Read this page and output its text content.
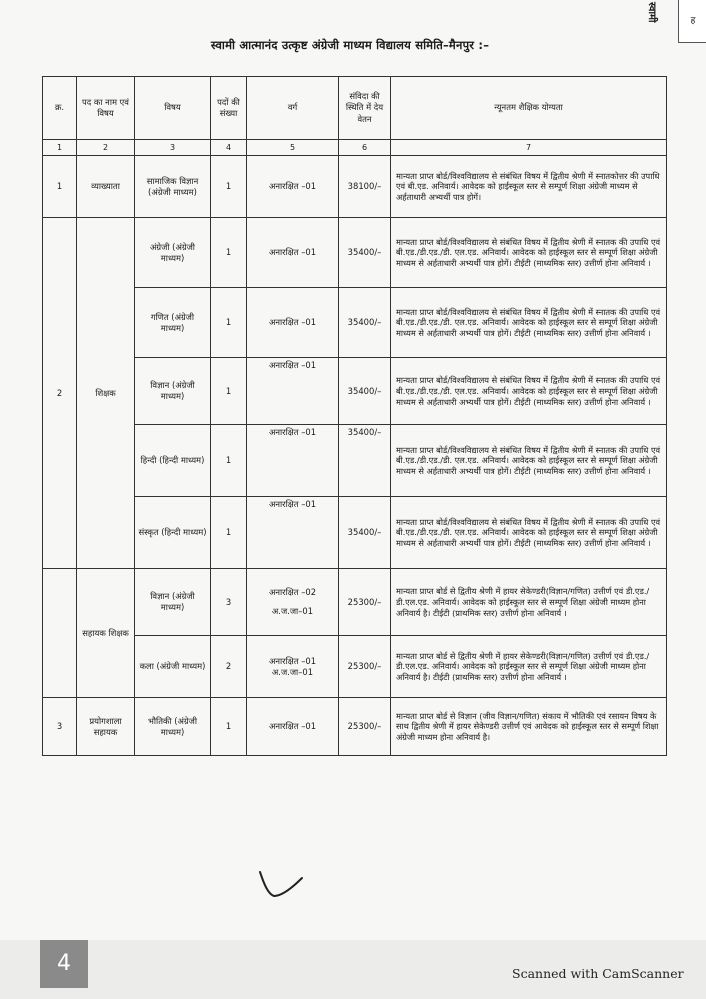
स्वामी	ह
स्वामी आत्मानंद उत्कृष्ट अंग्रेजी माध्यम विद्यालय समिति–मैनपुर :–
क्र.	पद का नाम एवं विषय	विषय	पदों की संख्या	वर्ग	संविदा की स्थिति में देय वेतन	न्यूनतम शैक्षिक योग्यता
1	2	3	4	5	6	7
1	व्याख्याता	सामाजिक विज्ञान (अंग्रेजी माध्यम)	1	अनारक्षित –01	38100/–	मान्यता प्राप्त बोर्ड/विश्वविद्यालय से संबंधित विषय में द्वितीय श्रेणी में स्नातकोत्तर की उपाधि एवं बी.एड. अनिवार्य। आवेदक को हाईस्कूल स्तर से सम्पूर्ण शिक्षा अंग्रेजी माध्यम से अर्हताधारी अभ्यर्थी पात्र होगें।
2	शिक्षक	अंग्रेजी (अंग्रेजी माध्यम)	1	अनारक्षित –01	35400/–	मान्यता प्राप्त बोर्ड/विश्वविद्यालय से संबंधित विषय में द्वितीय श्रेणी में स्नातक की उपाधि एवं बी.एड./डी.एड./डी. एल.एड. अनिवार्य। आवेदक को हाईस्कूल स्तर से सम्पूर्ण शिक्षा अंग्रेजी माध्यम से अर्हताधारी अभ्यर्थी पात्र होगें। टीईटी (माध्यमिक स्तर) उत्तीर्ण होना अनिवार्य ।
		गणित (अंग्रेजी माध्यम)	1	अनारक्षित –01	35400/–	मान्यता प्राप्त बोर्ड/विश्वविद्यालय से संबंधित विषय में द्वितीय श्रेणी में स्नातक की उपाधि एवं बी.एड./डी.एड./डी. एल.एड. अनिवार्य। आवेदक को हाईस्कूल स्तर से सम्पूर्ण शिक्षा अंग्रेजी माध्यम से अर्हताधारी अभ्यर्थी पात्र होगें। टीईटी (माध्यमिक स्तर) उत्तीर्ण होना अनिवार्य ।
		विज्ञान (अंग्रेजी माध्यम)	1	अनारक्षित –01	35400/–	मान्यता प्राप्त बोर्ड/विश्वविद्यालय से संबंधित विषय में द्वितीय श्रेणी में स्नातक की उपाधि एवं बी.एड./डी.एड./डी. एल.एड. अनिवार्य। आवेदक को हाईस्कूल स्तर से सम्पूर्ण शिक्षा अंग्रेजी माध्यम से अर्हताधारी अभ्यर्थी पात्र होगें। टीईटी (माध्यमिक स्तर) उत्तीर्ण होना अनिवार्य ।
		हिन्दी (हिन्दी माध्यम)	1	अनारक्षित –01	35400/–	मान्यता प्राप्त बोर्ड/विश्वविद्यालय से संबंधित विषय में द्वितीय श्रेणी में स्नातक की उपाधि एवं बी.एड./डी.एड./डी. एल.एड. अनिवार्य। आवेदक को हाईस्कूल स्तर से सम्पूर्ण शिक्षा अंग्रेजी माध्यम से अर्हताधारी अभ्यर्थी पात्र होगें। टीईटी (माध्यमिक स्तर) उत्तीर्ण होना अनिवार्य ।
		संस्कृत (हिन्दी माध्यम)	1	अनारक्षित –01	35400/–	मान्यता प्राप्त बोर्ड/विश्वविद्यालय से संबंधित विषय में द्वितीय श्रेणी में स्नातक की उपाधि एवं बी.एड./डी.एड./डी. एल.एड. अनिवार्य। आवेदक को हाईस्कूल स्तर से सम्पूर्ण शिक्षा अंग्रेजी माध्यम से अर्हताधारी अभ्यर्थी पात्र होगें। टीईटी (माध्यमिक स्तर) उत्तीर्ण होना अनिवार्य ।
	सहायक शिक्षक	विज्ञान (अंग्रेजी माध्यम)	3	अनारक्षित –02
अ.ज.जा–01	25300/–	मान्यता प्राप्त बोर्ड से द्वितीय श्रेणी में हायर सेकेण्डरी(विज्ञान/गणित) उत्तीर्ण एवं डी.एड./डी.एल.एड. अनिवार्य। आवेदक को हाईस्कूल स्तर से सम्पूर्ण शिक्षा अंग्रेजी माध्यम होना अनिवार्य है। टीईटी (प्राथमिक स्तर) उत्तीर्ण होना अनिवार्य ।
		कला (अंग्रेजी माध्यम)	2	अनारक्षित –01
अ.ज.जा–01	25300/–	मान्यता प्राप्त बोर्ड से द्वितीय श्रेणी में हायर सेकेण्डरी(विज्ञान/गणित) उत्तीर्ण एवं डी.एड./डी.एल.एड. अनिवार्य। आवेदक को हाईस्कूल स्तर से सम्पूर्ण शिक्षा अंग्रेजी माध्यम होना अनिवार्य है। टीईटी (प्राथमिक स्तर) उत्तीर्ण होना अनिवार्य ।
3	प्रयोगशाला सहायक	भौतिकी (अंग्रेजी माध्यम)	1	अनारक्षित –01	25300/–	मान्यता प्राप्त बोर्ड से विज्ञान (जीव विज्ञान/गणित) संकाय में भौतिकी एवं रसायन विषय के साथ द्वितीय श्रेणी में हायर सेकेण्डरी उत्तीर्ण एवं आवेदक को हाईस्कूल स्तर से सम्पूर्ण शिक्षा अंग्रेजी माध्यम होना अनिवार्य है।
4	Scanned with CamScanner
